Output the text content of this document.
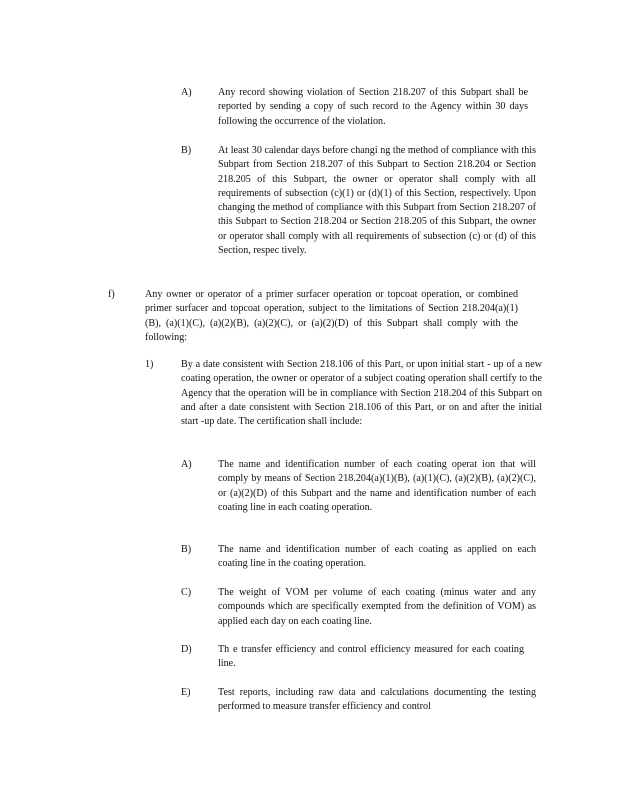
A)	Any record showing violation of Section 218.207 of this Subpart shall be reported by sending a copy of such record to the Agency within 30 days following the occurrence of the violation.
B)	At least 30 calendar days before changi ng the method of compliance with this Subpart from Section 218.207 of this Subpart to Section 218.204 or Section 218.205 of this Subpart, the owner or operator shall comply with all requirements of subsection (c)(1) or (d)(1) of this Section, respectively. Upon changing the method of compliance with this Subpart from Section 218.207 of this Subpart to Section 218.204 or Section 218.205 of this Subpart, the owner or operator shall comply with all requirements of subsection (c) or (d) of this Section, respec tively.
f)	Any owner or operator of a primer surfacer operation or topcoat operation, or combined primer surfacer and topcoat operation, subject to the limitations of Section 218.204(a)(1)(B), (a)(1)(C), (a)(2)(B), (a)(2)(C), or (a)(2)(D) of this Subpart shall comply with the following:
1)	By a date consistent with Section 218.106 of this Part, or upon initial start - up of a new coating operation, the owner or operator of a subject coating operation shall certify to the Agency that the operation will be in compliance with Section 218.204 of this Subpart on and after a date consistent with Section 218.106 of this Part, or on and after the initial start -up date. The certification shall include:
A)	The name and identification number of each coating operat ion that will comply by means of Section 218.204(a)(1)(B), (a)(1)(C), (a)(2)(B), (a)(2)(C), or (a)(2)(D) of this Subpart and the name and identification number of each coating line in each coating operation.
B)	The name and identification number of each coating as applied on each coating line in the coating operation.
C)	The weight of VOM per volume of each coating (minus water and any compounds which are specifically exempted from the definition of VOM) as applied each day on each coating line.
D)	Th e transfer efficiency and control efficiency measured for each coating line.
E)	Test reports, including raw data and calculations documenting the testing performed to measure transfer efficiency and control
